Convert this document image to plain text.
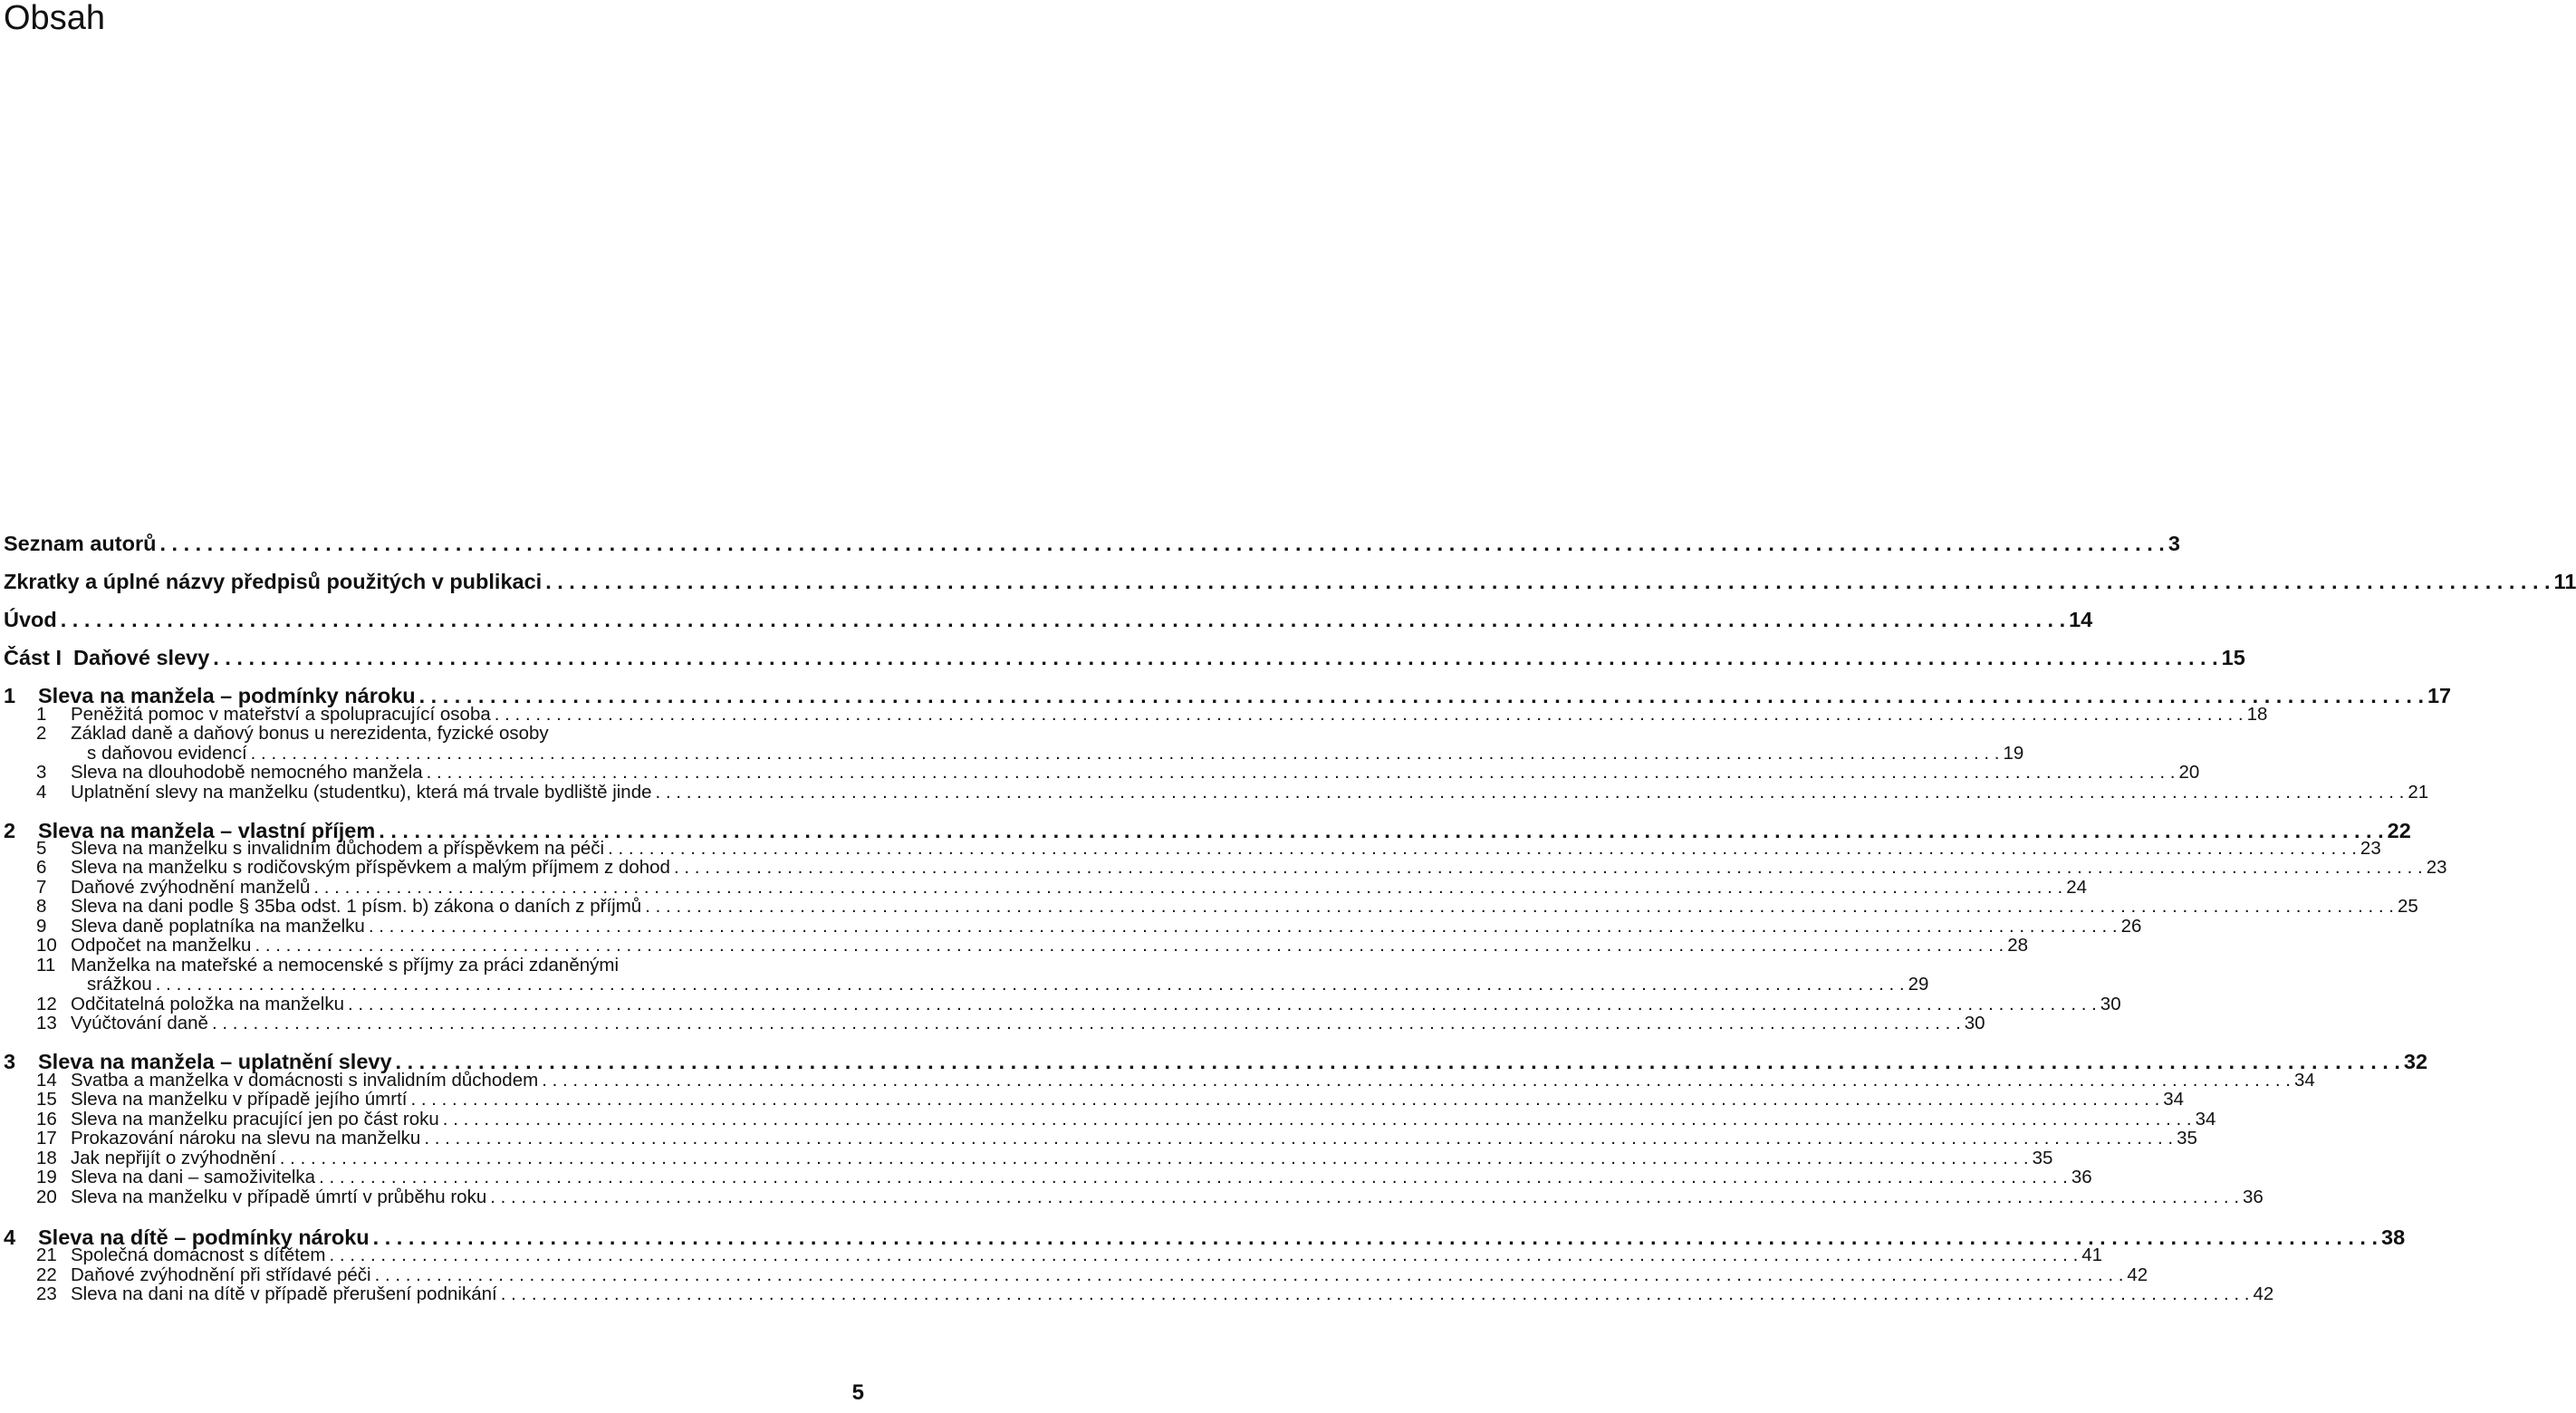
Obsah
Seznam autorů . . .	3
Zkratky a úplné názvy předpisů použitých v publikaci . . .	11
Úvod . . .	14
Část I  Daňové slevy . . .	15
1	Sleva na manžela – podmínky nároku . . .	17
1	Peněžitá pomoc v mateřství a spolupracující osoba . . .	18
2	Základ daně a daňový bonus u nerezidenta, fyzické osoby
s daňovou evidencí . . .	19
3	Sleva na dlouhodobě nemocného manžela . . .	20
4	Uplatnění slevy na manželku (studentku), která má trvale bydliště jinde . . .	21
2	Sleva na manžela – vlastní příjem . . .	22
5	Sleva na manželku s invalidním důchodem a příspěvkem na péči . . .	23
6	Sleva na manželku s rodičovským příspěvkem a malým příjmem z dohod . . .	23
7	Daňové zvýhodnění manželů . . .	24
8	Sleva na dani podle § 35ba odst. 1 písm. b) zákona o daních z příjmů . . .	25
9	Sleva daně poplatníka na manželku . . .	26
10 Odpočet na manželku . . .	28
11 Manželka na mateřské a nemocenské s příjmy za práci zdaněnými
srážkou . . .	29
12 Odčitatelná položka na manželku . . .	30
13 Vyúčtování daně . . .	30
3	Sleva na manžela – uplatnění slevy . . .	32
14 Svatba a manželka v domácnosti s invalidním důchodem . . .	34
15 Sleva na manželku v případě jejího úmrtí . . .	34
16 Sleva na manželku pracující jen po část roku . . .	34
17 Prokazování nároku na slevu na manželku . . .	35
18 Jak nepřijít o zvýhodnění . . .	35
19 Sleva na dani – samoživitelka . . .	36
20 Sleva na manželku v případě úmrtí v průběhu roku . . .	36
4	Sleva na dítě – podmínky nároku . . .	38
21 Společná domácnost s dítětem . . .	41
22 Daňové zvýhodnění při střídavé péči . . .	42
23 Sleva na dani na dítě v případě přerušení podnikání . . .	42
5
